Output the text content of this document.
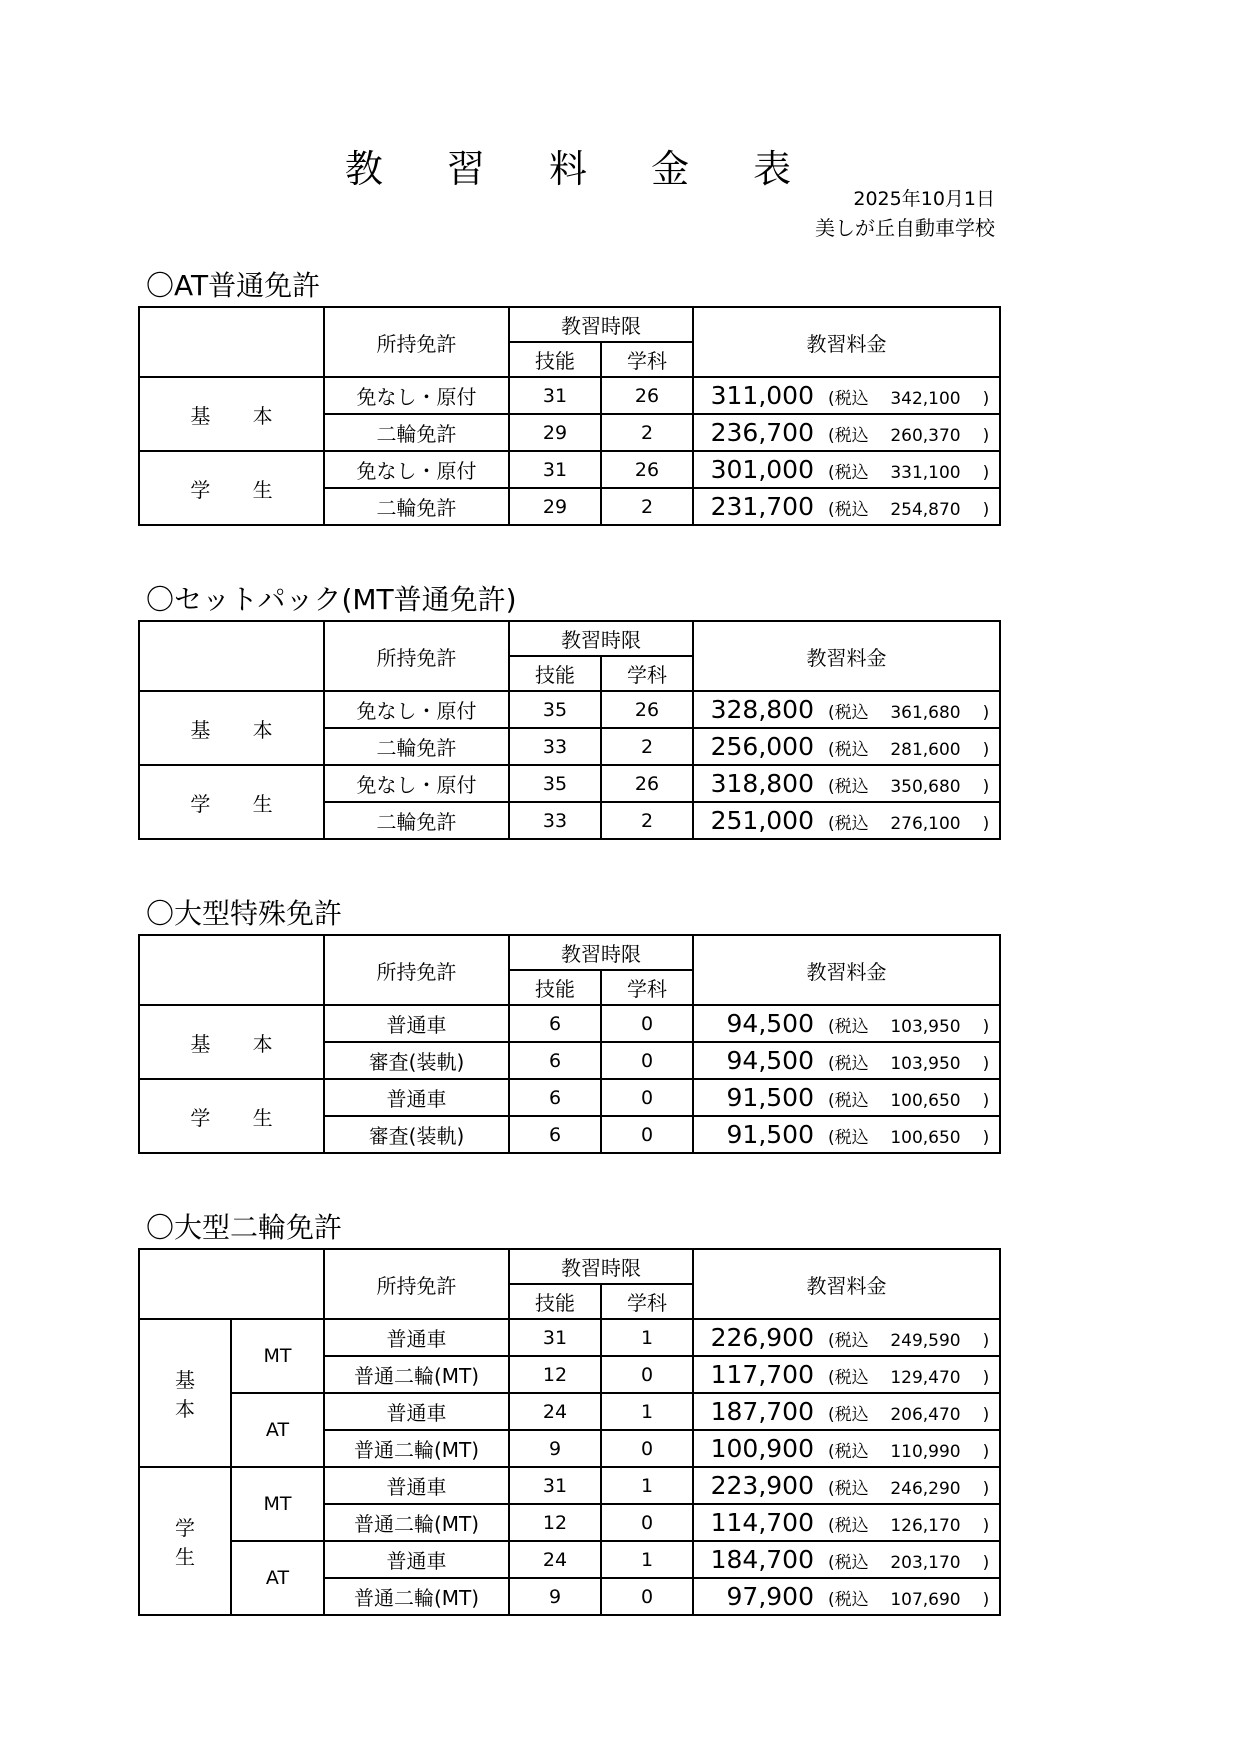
教 習 料 金 表
2025年10月1日
美しが丘自動車学校
〇AT普通免許
	所持免許	教習時限		教習料金
		技能	学科	
基 本	免なし・原付	31	26	311,000 (税込 342,100 )
	二輪免許	29	2	236,700 (税込 260,370 )
学 生	免なし・原付	31	26	301,000 (税込 331,100 )
	二輪免許	29	2	231,700 (税込 254,870 )
〇セットパック(MT普通免許)
	所持免許	教習時限		教習料金
		技能	学科	
基 本	免なし・原付	35	26	328,800 (税込 361,680 )
	二輪免許	33	2	256,000 (税込 281,600 )
学 生	免なし・原付	35	26	318,800 (税込 350,680 )
	二輪免許	33	2	251,000 (税込 276,100 )
〇大型特殊免許
	所持免許	教習時限		教習料金
		技能	学科	
基 本	普通車	6	0	94,500 (税込 103,950 )
	審査(装軌)	6	0	94,500 (税込 103,950 )
学 生	普通車	6	0	91,500 (税込 100,650 )
	審査(装軌)	6	0	91,500 (税込 100,650 )
〇大型二輪免許
		所持免許	教習時限		教習料金
			技能	学科	
基 本	MT	普通車	31	1	226,900 (税込 249,590 )
		普通二輪(MT)	12	0	117,700 (税込 129,470 )
	AT	普通車	24	1	187,700 (税込 206,470 )
		普通二輪(MT)	9	0	100,900 (税込 110,990 )
学 生	MT	普通車	31	1	223,900 (税込 246,290 )
		普通二輪(MT)	12	0	114,700 (税込 126,170 )
	AT	普通車	24	1	184,700 (税込 203,170 )
		普通二輪(MT)	9	0	97,900 (税込 107,690 )
